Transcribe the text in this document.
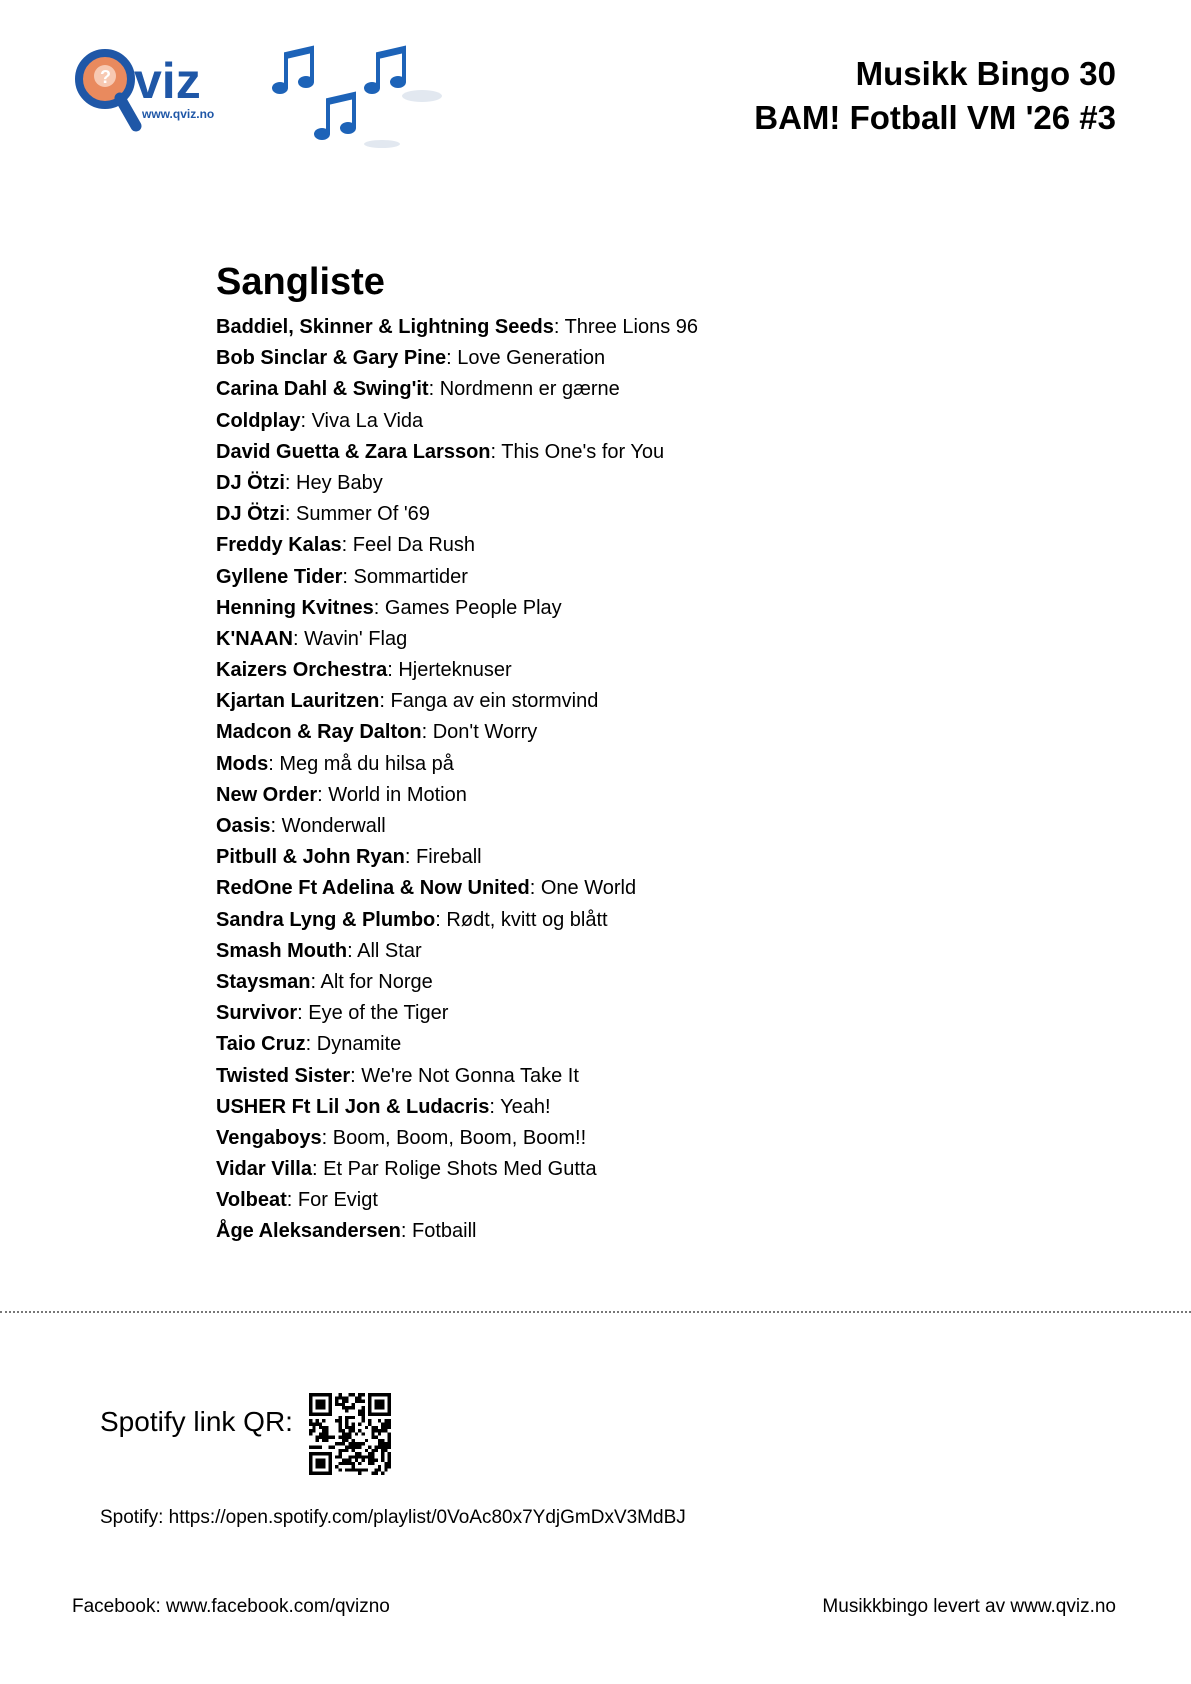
? viz
www.qviz.no
Musikk Bingo 30
BAM! Fotball VM '26 #3
Sangliste
Baddiel, Skinner & Lightning Seeds: Three Lions 96
Bob Sinclar & Gary Pine: Love Generation
Carina Dahl & Swing'it: Nordmenn er gærne
Coldplay: Viva La Vida
David Guetta & Zara Larsson: This One's for You
DJ Ötzi: Hey Baby
DJ Ötzi: Summer Of '69
Freddy Kalas: Feel Da Rush
Gyllene Tider: Sommartider
Henning Kvitnes: Games People Play
K'NAAN: Wavin' Flag
Kaizers Orchestra: Hjerteknuser
Kjartan Lauritzen: Fanga av ein stormvind
Madcon & Ray Dalton: Don't Worry
Mods: Meg må du hilsa på
New Order: World in Motion
Oasis: Wonderwall
Pitbull & John Ryan: Fireball
RedOne Ft Adelina & Now United: One World
Sandra Lyng & Plumbo: Rødt, kvitt og blått
Smash Mouth: All Star
Staysman: Alt for Norge
Survivor: Eye of the Tiger
Taio Cruz: Dynamite
Twisted Sister: We're Not Gonna Take It
USHER Ft Lil Jon & Ludacris: Yeah!
Vengaboys: Boom, Boom, Boom, Boom!!
Vidar Villa: Et Par Rolige Shots Med Gutta
Volbeat: For Evigt
Åge Aleksandersen: Fotbaill
Spotify link QR:
Spotify: https://open.spotify.com/playlist/0VoAc80x7YdjGmDxV3MdBJ
Facebook: www.facebook.com/qvizno	Musikkbingo levert av www.qviz.no
